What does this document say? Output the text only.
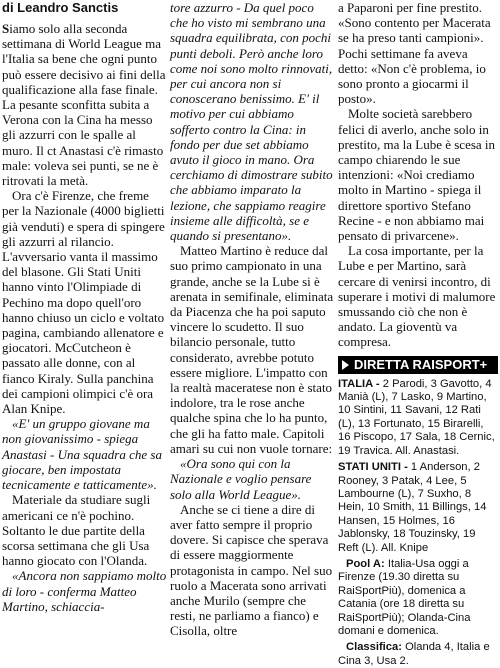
di Leandro Sanctis

Siamo solo alla seconda settimana di World League ma l'Italia sa bene che ogni punto può essere decisivo ai fini della qualificazione alla fase finale. La pesante sconfitta subita a Verona con la Cina ha messo gli azzurri con le spalle al muro. Il ct Anastasi c'è rimasto male: voleva sei punti, se ne è ritrovati la metà.

Ora c'è Firenze, che freme per la Nazionale (4000 biglietti già venduti) e spera di spingere gli azzurri al rilancio.

L'avversario vanta il massimo del blasone. Gli Stati Uniti hanno vinto l'Olimpiade di Pechino ma dopo quell'oro hanno chiuso un ciclo e voltato pagina, cambiando allenatore e giocatori. McCutcheon è passato alle donne, con al fianco Kiraly. Sulla panchina dei campioni olimpici c'è ora Alan Knipe.

«E' un gruppo giovane ma non giovanissimo - spiega Anastasi - Una squadra che sa giocare, ben impostata tecnicamente e tatticamente».

Materiale da studiare sugli americani ce n'è pochino. Soltanto le due partite della scorsa settimana che gli Usa hanno giocato con l'Olanda.

«Ancora non sappiamo molto di loro - conferma Matteo Martino, schiaccia-

tore azzurro - Da quel poco che ho visto mi sembrano una squadra equilibrata, con pochi punti deboli. Però anche loro come noi sono molto rinnovati, per cui ancora non si conoscerano benissimo. E' il motivo per cui abbiamo sofferto contro la Cina: in fondo per due set abbiamo avuto il gioco in mano. Ora cerchiamo di dimostrare subito che abbiamo imparato la lezione, che sappiamo reagire insieme alle difficoltà, se e quando si presentano».

Matteo Martino è reduce dal suo primo campionato in una grande, anche se la Lube si è arenata in semifinale, eliminata da Piacenza che ha poi saputo vincere lo scudetto. Il suo bilancio personale, tutto considerato, avrebbe potuto essere migliore. L'impatto con la realtà maceratese non è stato indolore, tra le rose anche qualche spina che lo ha punto, che gli ha fatto male. Capitoli amari su cui non vuole tornare:

«Ora sono qui con la Nazionale e voglio pensare solo alla World League».

Anche se ci tiene a dire di aver fatto sempre il proprio dovere. Si capisce che sperava di essere maggiormente protagonista in campo. Nel suo ruolo a Macerata sono arrivati anche Murilo (sempre che resti, ne parliamo a fianco) e Cisolla, oltre

a Paparoni per fine prestito. «Sono contento per Macerata se ha preso tanti campioni». Pochi settimane fa aveva detto: «Non c'è problema, io sono pronto a giocarmi il posto».

Molte società sarebbero felici di averlo, anche solo in prestito, ma la Lube è scesa in campo chiarendo le sue intenzioni: «Noi crediamo molto in Martino - spiega il direttore sportivo Stefano Recine - e non abbiamo mai pensato di privarcene».

La cosa importante, per la Lube e per Martino, sarà cercare di venirsi incontro, di superare i motivi di malumore smussando ciò che non è andato. La gioventù va compresa.

DIRETTA RAISPORT+

ITALIA - 2 Parodi, 3 Gavotto, 4 Manià (L), 7 Lasko, 9 Martino, 10 Sintini, 11 Savani, 12 Rati (L), 13 Fortunato, 15 Birarelli, 16 Piscopo, 17 Sala, 18 Cernic, 19 Travica. All. Anastasi.

STATI UNITI - 1 Anderson, 2 Rooney, 3 Patak, 4 Lee, 5 Lambourne (L), 7 Suxho, 8 Hein, 10 Smith, 11 Billings, 14 Hansen, 15 Holmes, 16 Jablonsky, 18 Touzinsky, 19 Reft (L). All. Knipe

Pool A: Italia-Usa oggi a Firenze (19.30 diretta su RaiSportPiù), domenica a Catania (ore 18 diretta su RaiSportPiù); Olanda-Cina domani e domenica.

Classifica: Olanda 4, Italia e Cina 3, Usa 2.
